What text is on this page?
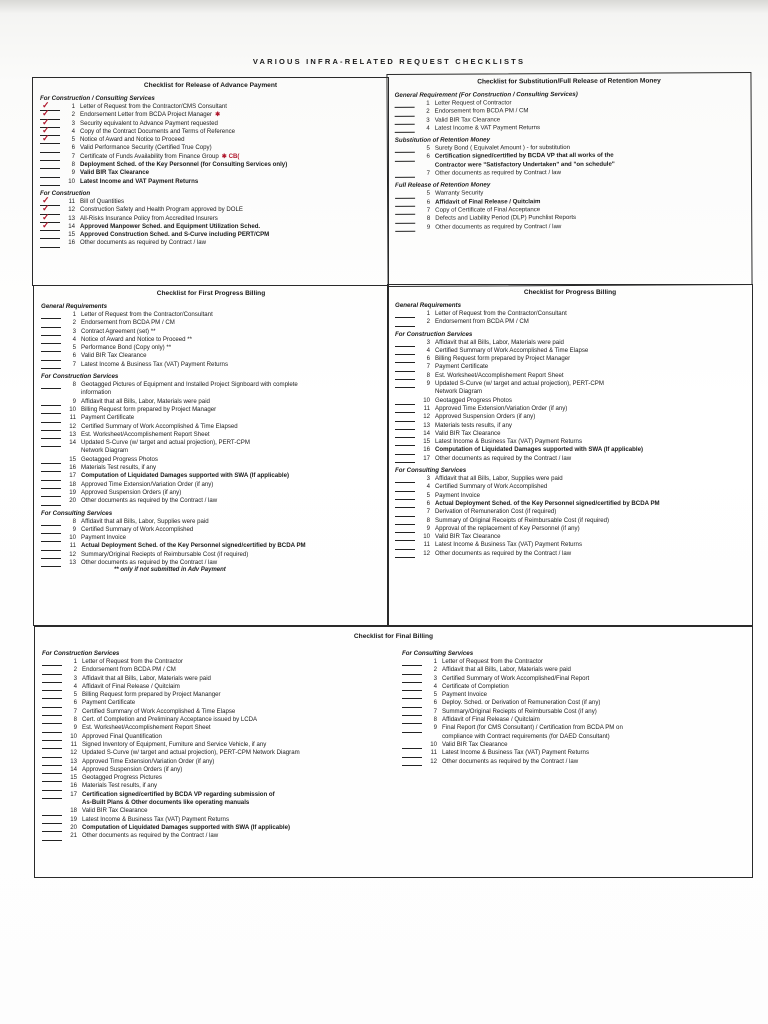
VARIOUS INFRA-RELATED REQUEST CHECKLISTS
Checklist for Release of Advance Payment
For Construction / Consulting Services
✓	1 Letter of Request from the Contractor/CMS Consultant
✓	2 Endorsement Letter from BCDA Project Manager ✱
✓	3 Security equivalent to Advance Payment requested
✓	4 Copy of the Contract Documents and Terms of Reference
✓	5 Notice of Award and Notice to Proceed
6 Valid Performance Security (Certified True Copy)
7 Certificate of Funds Availability from Finance Group ✱ CB(
8 Deployment Sched. of the Key Personnel (for Consulting Services only)
9 Valid BIR Tax Clearance
10 Latest Income and VAT Payment Returns
For Construction
✓	11 Bill of Quantities
✓	12 Construction Safety and Health Program approved by DOLE
✓	13 All-Risks Insurance Policy from Accredited Insurers
✓	14 Approved Manpower Sched. and Equipment Utilization Sched.
15 Approved Construction Sched. and S-Curve including PERT/CPM
16 Other documents as required by Contract / law
Checklist for Substitution/Full Release of Retention Money
General Requirement (For Construction / Consulting Services)
1 Letter Request of Contractor
2 Endorsement from BCDA PM / CM
3 Valid BIR Tax Clearance
4 Latest Income & VAT Payment Returns
Substitution of Retention Money
5 Surety Bond ( Equivalet Amount ) - for substitution
6 Certification signed/certified by BCDA VP that all works of the
Contractor were "Satisfactory Undertaken" and "on schedule"
7 Other documents as required by Contract / law
Full Release of Retention Money
5 Warranty Security
6 Affidavit of Final Release / Quitclaim
7 Copy of Certificate of Final Acceptance
8 Defects and Liability Period (DLP) Punchlist Reports
9 Other documents as required by Contract / law
Checklist for First Progress Billing
General Requirements
1 Letter of Request from the Contractor/Consultant
2 Endorsement from BCDA PM / CM
3 Contract Agreement (set) **
4 Notice of Award and Notice to Proceed **
5 Performance Bond (Copy only) **
6 Valid BIR Tax Clearance
7 Latest Income & Business Tax (VAT) Payment Returns
For Construction Services
8 Geotagged Pictures of Equipment and Installed Project Signboard with complete
information
9 Affidavit that all Bills, Labor, Materials were paid
10 Billing Request form prepared by Project Manager
11 Payment Certificate
12 Certified Summary of Work Accomplished & Time Elapsed
13 Est. Worksheet/Accomplishement Report Sheet
14 Updated S-Curve (w/ target and actual projection), PERT-CPM
Network Diagram
15 Geotagged Progress Photos
16 Materials Test results, if any
17 Computation of Liquidated Damages supported with SWA (If applicable)
18 Approved Time Extension/Variation Order (if any)
19 Approved Suspension Orders (if any)
20 Other documents as required by the Contract / law
For Consulting Services
8 Affidavit that all Bills, Labor, Supplies were paid
9 Certified Summary of Work Accomplished
10 Payment Invoice
11 Actual Deployment Sched. of the Key Personnel signed/certified by BCDA PM
12 Summary/Original Reciepts of Reimbursable Cost (if required)
13 Other documents as required by the Contract / law
** only if not submitted in Adv Payment
Checklist for Progress Billing
General Requirements
1 Letter of Request from the Contractor/Consultant
2 Endorsement from BCDA PM / CM
For Construction Services
3 Affidavit that all Bills, Labor, Materials were paid
4 Certified Summary of Work Accomplished & Time Elapse
6 Billing Request form prepared by Project Manager
7 Payment Certificate
8 Est. Worksheet/Accomplishement Report Sheet
9 Updated S-Curve (w/ target and actual projection), PERT-CPM
Network Diagram
10 Geotagged Progress Photos
11 Approved Time Extension/Variation Order (if any)
12 Approved Suspension Orders (if any)
13 Materials tests results, if any
14 Valid BIR Tax Clearance
15 Latest Income & Business Tax (VAT) Payment Returns
16 Computation of Liquidated Damages supported with SWA (If applicable)
17 Other documents as required by the Contract / law
For Consulting Services
3 Affidavit that all Bills, Labor, Supplies were paid
4 Certified Summary of Work Accomplished
5 Payment Invoice
6 Actual Deployment Sched. of the Key Personnel signed/certified by BCDA PM
7 Derivation of Remuneration Cost (if required)
8 Summary of Original Receipts of Reimbursable Cost (if required)
9 Approval of the replacement of Key Personnel (if any)
10 Valid BIR Tax Clearance
11 Latest Income & Business Tax (VAT) Payment Returns
12 Other documents as required by the Contract / law
Checklist for Final Billing
For Construction Services
1 Letter of Request from the Contractor
2 Endorsement from BCDA PM / CM
3 Affidavit that all Bills, Labor, Materials were paid
4 Affidavit of Final Release / Quitclaim
5 Billing Request form prepared by Project Mananger
6 Payment Certificate
7 Certified Summary of Work Accomplished & Time Elapse
8 Cert. of Completion and Preliminary Acceptance issued by LCDA
9 Est. Worksheet/Accomplishement Report Sheet
10 Approved Final Quantification
11 Signed Inventory of Equipment, Furniture and Service Vehicle, if any
12 Updated S-Curve (w/ target and actual projection), PERT-CPM Network Diagram
13 Approved Time Extension/Variation Order (if any)
14 Approved Suspension Orders (if any)
15 Geotagged Progress Pictures
16 Materials Test results, if any
17 Certification signed/certified by BCDA VP regarding submission of
As-Built Plans & Other documents like operating manuals
18 Valid BIR Tax Clearance
19 Latest Income & Business Tax (VAT) Payment Returns
20 Computation of Liquidated Damages supported with SWA (If applicable)
21 Other documents as required by the Contract / law
For Consulting Services
1 Letter of Request from the Contractor
2 Affidavit that all Bills, Labor, Materials were paid
3 Certified Summary of Work Accomplished/Final Report
4 Certificate of Completion
5 Payment Invoice
6 Deploy. Sched. or Derivation of Remuneration Cost (if any)
7 Summary/Original Reciepts of Reimbursable Cost (if any)
8 Affidavit of Final Release / Quitclaim
9 Final Report (for CMS Consultant) / Certification from BCDA PM on
compliance with Contract requirements (for DAED Consultant)
10 Valid BIR Tax Clearance
11 Latest Income & Business Tax (VAT) Payment Returns
12 Other documents as required by the Contract / law
